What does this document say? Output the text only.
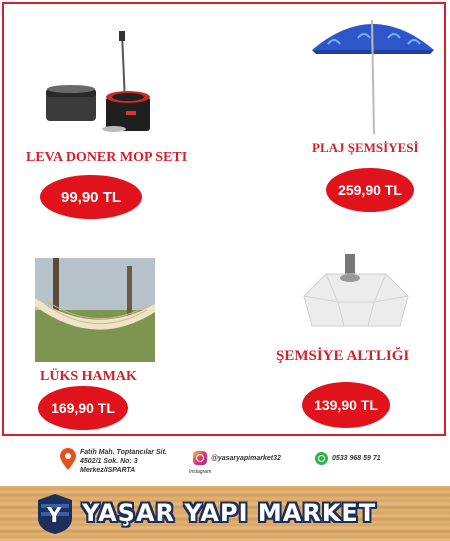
LEVA DONER MOP SETI
99,90 TL
PLAJ ŞEMSİYESİ
259,90 TL
LÜKS HAMAK
169,90 TL
ŞEMSİYE ALTLIĞI
139,90 TL
Fatih Mah. Toptancılar Sit.
4502/1 Sok. No: 3
Merkez/ISPARTA
@yasaryapimarket32
Instagram
0533 968 59 71
Y YAŞAR YAPI MARKET
